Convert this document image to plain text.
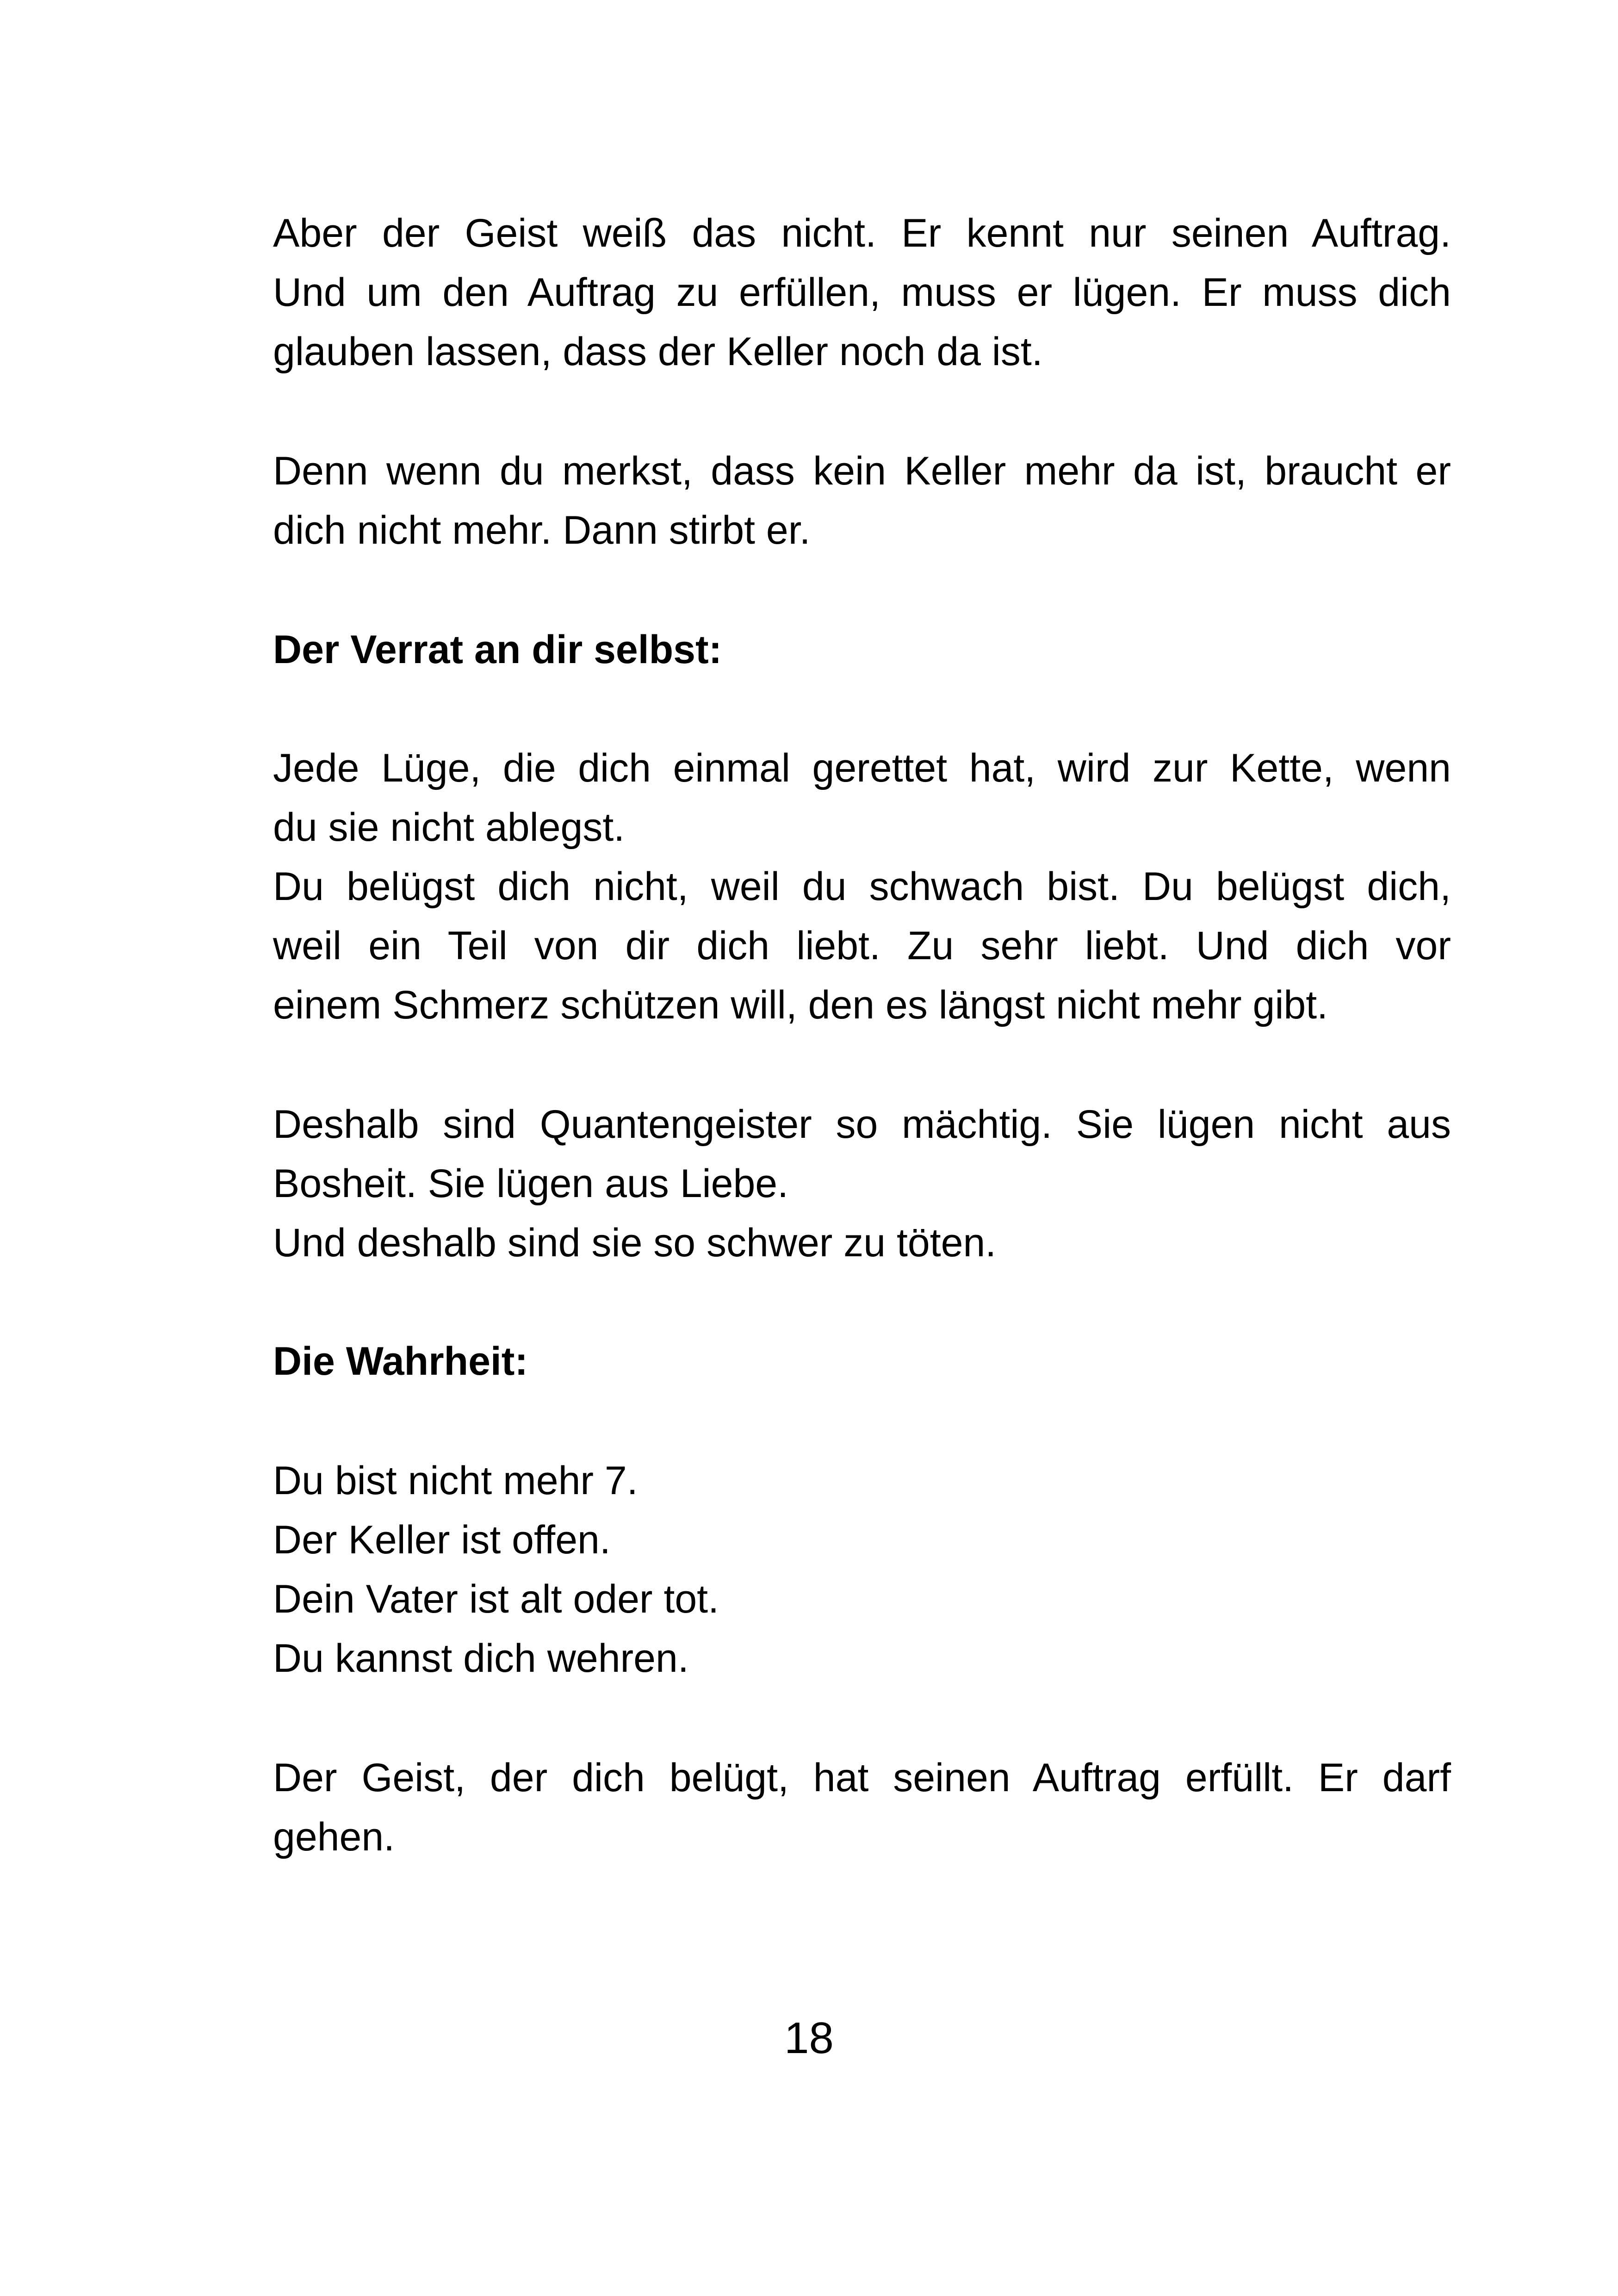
Aber der Geist weiß das nicht. Er kennt nur seinen Auftrag.
Und um den Auftrag zu erfüllen, muss er lügen. Er muss dich
glauben lassen, dass der Keller noch da ist.
Denn wenn du merkst, dass kein Keller mehr da ist, braucht er
dich nicht mehr. Dann stirbt er.
Der Verrat an dir selbst:
Jede Lüge, die dich einmal gerettet hat, wird zur Kette, wenn
du sie nicht ablegst.
Du belügst dich nicht, weil du schwach bist. Du belügst dich,
weil ein Teil von dir dich liebt. Zu sehr liebt. Und dich vor
einem Schmerz schützen will, den es längst nicht mehr gibt.
Deshalb sind Quantengeister so mächtig. Sie lügen nicht aus
Bosheit. Sie lügen aus Liebe.
Und deshalb sind sie so schwer zu töten.
Die Wahrheit:
Du bist nicht mehr 7.
Der Keller ist offen.
Dein Vater ist alt oder tot.
Du kannst dich wehren.
Der Geist, der dich belügt, hat seinen Auftrag erfüllt. Er darf
gehen.
18
